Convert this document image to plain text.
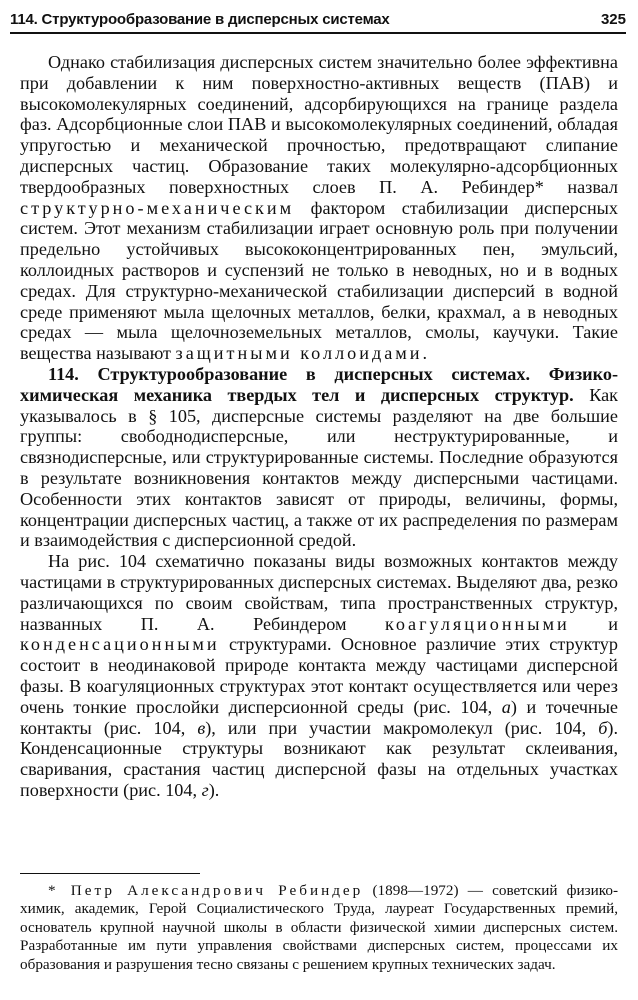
114. Структурообразование в дисперсных системах	325

Однако стабилизация дисперсных систем значительно более эффективна при добавлении к ним поверхностно-активных веществ (ПАВ) и высокомолекулярных соединений, адсорбирующихся на границе раздела фаз. Адсорбционные слои ПАВ и высокомолекулярных соединений, обладая упругостью и механической прочностью, предотвращают слипание дисперсных частиц. Образование таких молекулярно-адсорбционных твердообразных поверхностных слоев П. А. Ребиндер* назвал структурно-механическим фактором стабилизации дисперсных систем. Этот механизм стабилизации играет основную роль при получении предельно устойчивых высококонцентрированных пен, эмульсий, коллоидных растворов и суспензий не только в неводных, но и в водных средах. Для структурно-механической стабилизации дисперсий в водной среде применяют мыла щелочных металлов, белки, крахмал, а в неводных средах — мыла щелочноземельных металлов, смолы, каучуки. Такие вещества называют защитными коллоидами.

114. Структурообразование в дисперсных системах. Физико-химическая механика твердых тел и дисперсных структур. Как указывалось в § 105, дисперсные системы разделяют на две большие группы: свободнодисперсные, или неструктурированные, и связнодисперсные, или структурированные системы. Последние образуются в результате возникновения контактов между дисперсными частицами. Особенности этих контактов зависят от природы, величины, формы, концентрации дисперсных частиц, а также от их распределения по размерам и взаимодействия с дисперсионной средой.

На рис. 104 схематично показаны виды возможных контактов между частицами в структурированных дисперсных системах. Выделяют два, резко различающихся по своим свойствам, типа пространственных структур, названных П. А. Ребиндером коагуляционными и конденсационными структурами. Основное различие этих структур состоит в неодинаковой природе контакта между частицами дисперсной фазы. В коагуляционных структурах этот контакт осуществляется или через очень тонкие прослойки дисперсионной среды (рис. 104, а) и точечные контакты (рис. 104, в), или при участии макромолекул (рис. 104, б). Конденсационные структуры возникают как результат склеивания, сваривания, срастания частиц дисперсной фазы на отдельных участках поверхности (рис. 104, г).

* Петр Александрович Ребиндер (1898—1972) — советский физико-химик, академик, Герой Социалистического Труда, лауреат Государственных премий, основатель крупной научной школы в области физической химии дисперсных систем. Разработанные им пути управления свойствами дисперсных систем, процессами их образования и разрушения тесно связаны с решением крупных технических задач.
